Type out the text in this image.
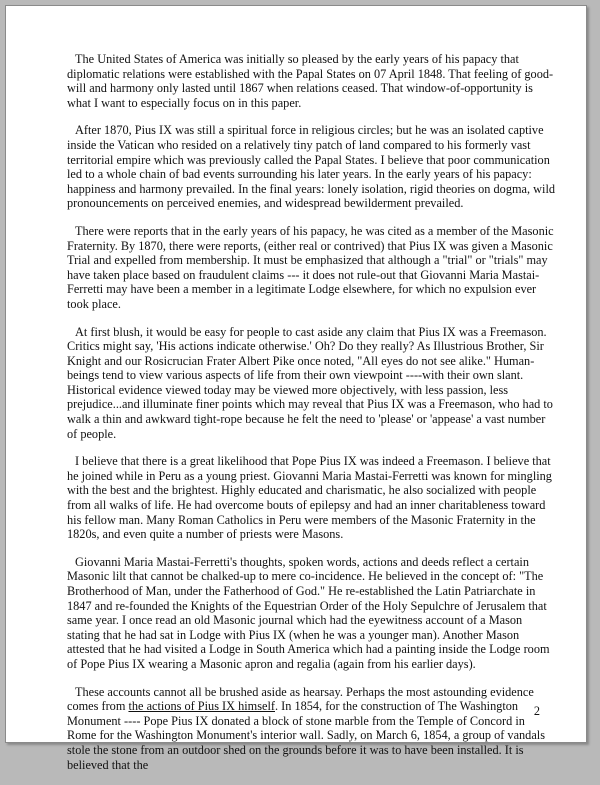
The United States of America was initially so pleased by the early years of his papacy that diplomatic relations were established with the Papal States on 07 April 1848. That feeling of good-will and harmony only lasted until 1867 when relations ceased. That window-of-opportunity is what I want to especially focus on in this paper.

After 1870, Pius IX was still a spiritual force in religious circles; but he was an isolated captive inside the Vatican who resided on a relatively tiny patch of land compared to his formerly vast territorial empire which was previously called the Papal States. I believe that poor communication led to a whole chain of bad events surrounding his later years. In the early years of his papacy: happiness and harmony prevailed. In the final years: lonely isolation, rigid theories on dogma, wild pronouncements on perceived enemies, and widespread bewilderment prevailed.

There were reports that in the early years of his papacy, he was cited as a member of the Masonic Fraternity. By 1870, there were reports, (either real or contrived) that Pius IX was given a Masonic Trial and expelled from membership. It must be emphasized that although a "trial" or "trials" may have taken place based on fraudulent claims --- it does not rule-out that Giovanni Maria Mastai-Ferretti may have been a member in a legitimate Lodge elsewhere, for which no expulsion ever took place.

At first blush, it would be easy for people to cast aside any claim that Pius IX was a Freemason. Critics might say, 'His actions indicate otherwise.' Oh? Do they really? As Illustrious Brother, Sir Knight and our Rosicrucian Frater Albert Pike once noted, "All eyes do not see alike." Human-beings tend to view various aspects of life from their own viewpoint ----with their own slant. Historical evidence viewed today may be viewed more objectively, with less passion, less prejudice...and illuminate finer points which may reveal that Pius IX was a Freemason, who had to walk a thin and awkward tight-rope because he felt the need to 'please' or 'appease' a vast number of people.

I believe that there is a great likelihood that Pope Pius IX was indeed a Freemason. I believe that he joined while in Peru as a young priest. Giovanni Maria Mastai-Ferretti was known for mingling with the best and the brightest. Highly educated and charismatic, he also socialized with people from all walks of life. He had overcome bouts of epilepsy and had an inner charitableness toward his fellow man. Many Roman Catholics in Peru were members of the Masonic Fraternity in the 1820s, and even quite a number of priests were Masons.

Giovanni Maria Mastai-Ferretti's thoughts, spoken words, actions and deeds reflect a certain Masonic lilt that cannot be chalked-up to mere co-incidence. He believed in the concept of: "The Brotherhood of Man, under the Fatherhood of God." He re-established the Latin Patriarchate in 1847 and re-founded the Knights of the Equestrian Order of the Holy Sepulchre of Jerusalem that same year. I once read an old Masonic journal which had the eyewitness account of a Mason stating that he had sat in Lodge with Pius IX (when he was a younger man). Another Mason attested that he had visited a Lodge in South America which had a painting inside the Lodge room of Pope Pius IX wearing a Masonic apron and regalia (again from his earlier days).

These accounts cannot all be brushed aside as hearsay. Perhaps the most astounding evidence comes from the actions of Pius IX himself. In 1854, for the construction of The Washington Monument ---- Pope Pius IX donated a block of stone marble from the Temple of Concord in Rome for the Washington Monument's interior wall. Sadly, on March 6, 1854, a group of vandals stole the stone from an outdoor shed on the grounds before it was to have been installed. It is believed that the

2
